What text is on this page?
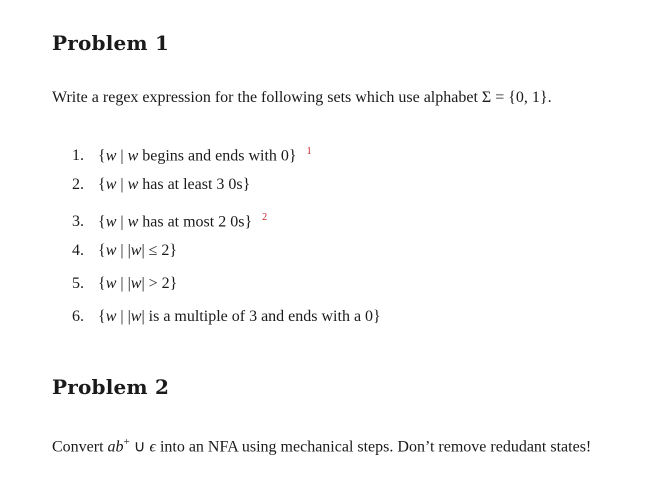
Problem 1

Write a regex expression for the following sets which use alphabet Σ = {0, 1}.

1. {w | w begins and ends with 0} $^1$
2. {w | w has at least 3 0s}
3. {w | w has at most 2 0s} $^2$
4. {w | |w| ≤ 2}
5. {w | |w| > 2}
6. {w | |w| is a multiple of 3 and ends with a 0}
Problem 2

Convert ab+ ∪ ϵ into an NFA using mechanical steps. Don’t remove redudant states!
